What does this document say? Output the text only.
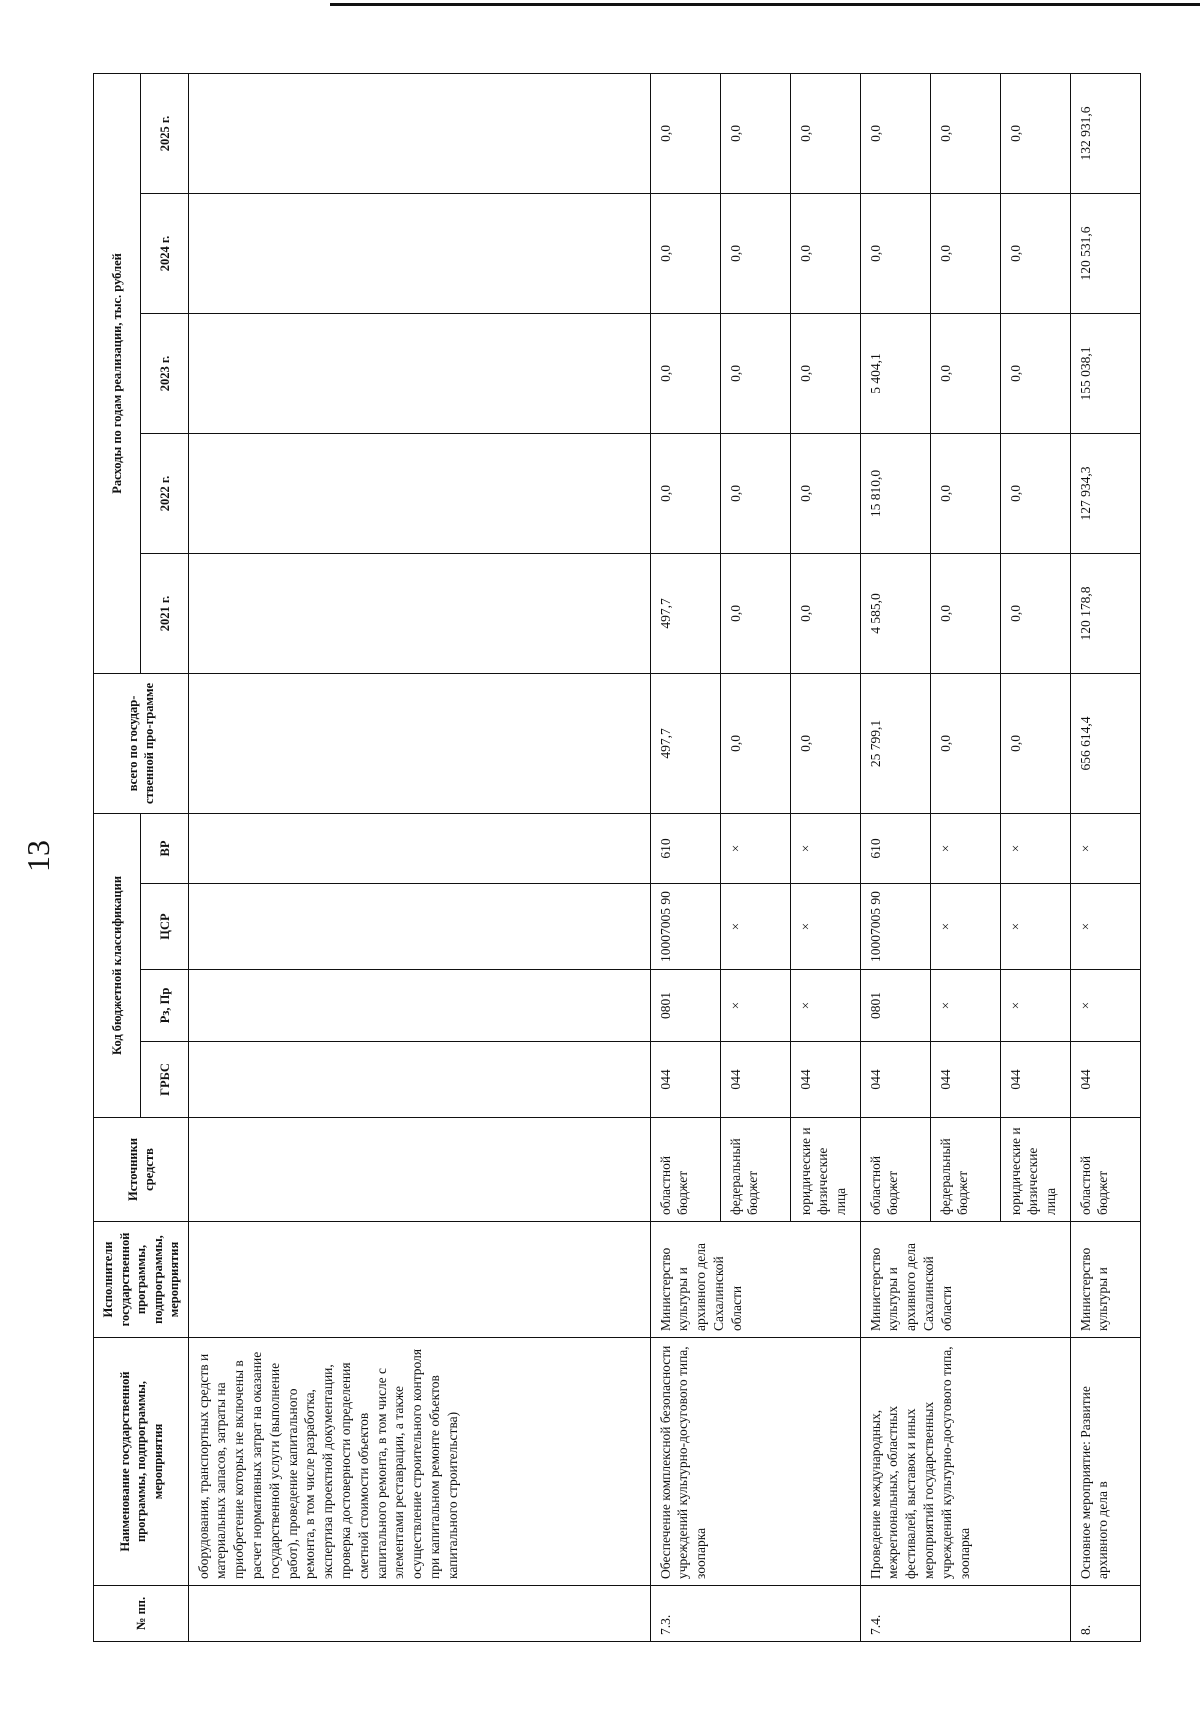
13
№ пп.	Наименование государственной программы, подпрограммы, мероприятия	Исполнители государственной программы, подпрограммы, мероприятия	Источники средств	Код бюджетной классификации				всего по государ-ственной про-грамме	Расходы по годам реализации, тыс. рублей				
				ГРБС	Рз, Пр	ЦСР	ВР		2021 г.	2022 г.	2023 г.	2024 г.	2025 г.
	оборудования, транспортных средств и материальных запасов, затраты на приобретение которых не включены в расчет нормативных затрат на оказание государственной услуги (выполнение работ), проведение капитального ремонта, в том числе разработка, экспертиза проектной документации, проверка достоверности определения сметной стоимости объектов капитального ремонта, в том числе с элементами реставрации, а также осуществление строительного контроля при капитальном ремонте объектов капитального строительства)												
7.3.	Обеспечение комплексной безопасности учреждений культурно-досугового типа, зоопарка	Министерство культуры и архивного дела Сахалинской области	областной бюджет	044	0801	10007005 90	610	497,7	497,7	0,0	0,0	0,0	0,0
			федеральный бюджет	044	×	×	×	0,0	0,0	0,0	0,0	0,0	0,0
			юридические и физические лица	044	×	×	×	0,0	0,0	0,0	0,0	0,0	0,0
7.4.	Проведение международных, межрегиональных, областных фестивалей, выставок и иных мероприятий государственных учреждений культурно-досугового типа, зоопарка	Министерство культуры и архивного дела Сахалинской области	областной бюджет	044	0801	10007005 90	610	25 799,1	4 585,0	15 810,0	5 404,1	0,0	0,0
			федеральный бюджет	044	×	×	×	0,0	0,0	0,0	0,0	0,0	0,0
			юридические и физические лица	044	×	×	×	0,0	0,0	0,0	0,0	0,0	0,0
8.	Основное мероприятие: Развитие архивного дела в	Министерство культуры и	областной бюджет	044	×	×	×	656 614,4	120 178,8	127 934,3	155 038,1	120 531,6	132 931,6
